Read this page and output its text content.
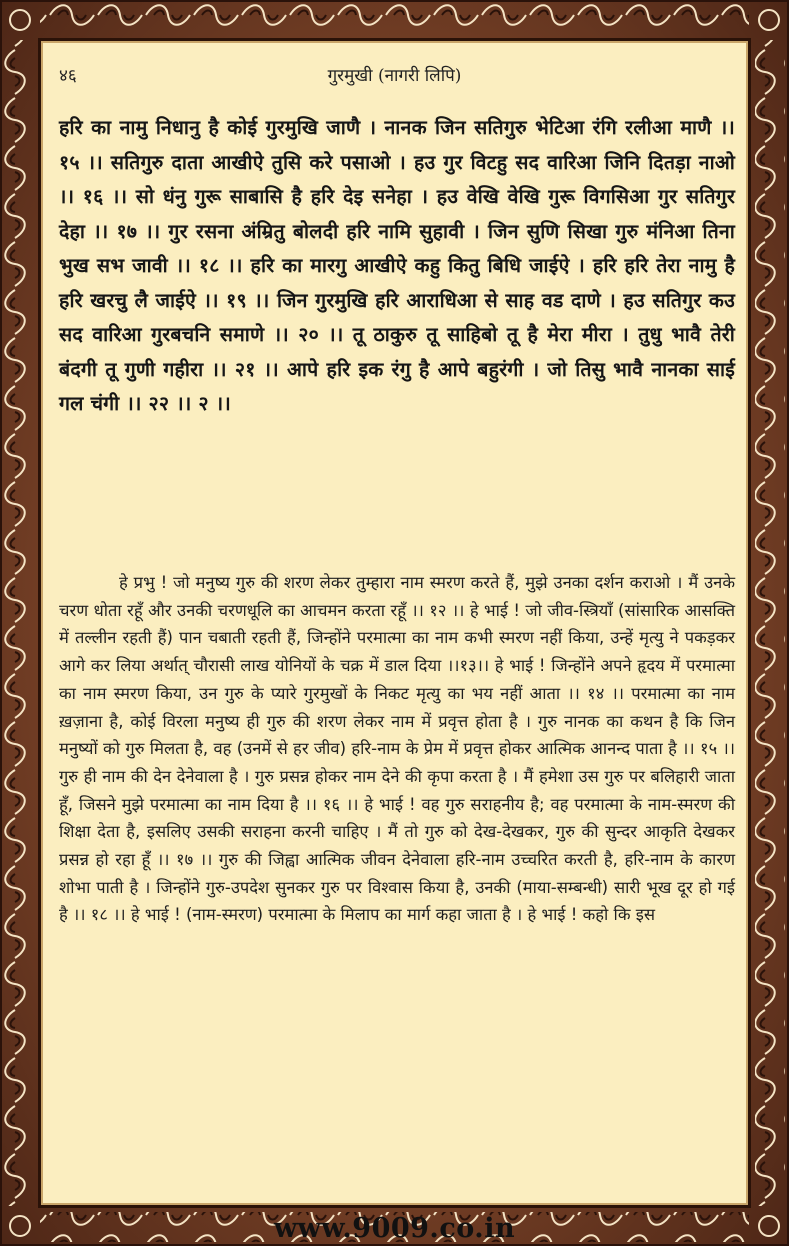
गुरमुखी (नागरी लिपि)
४६
हरि का नामु निधानु है कोई गुरमुखि जाणै । नानक जिन सतिगुरु भेटिआ रंगि रलीआ माणै ।। १५ ।। सतिगुरु दाता आखीऐ तुसि करे पसाओ । हउ गुर विटहु सद वारिआ जिनि दितड़ा नाओ ।। १६ ।। सो धंनु गुरू साबासि है हरि देइ सनेहा । हउ वेखि वेखि गुरू विगसिआ गुर सतिगुर देहा ।। १७ ।। गुर रसना अंम्रितु बोलदी हरि नामि सुहावी । जिन सुणि सिखा गुरु मंनिआ तिना भुख सभ जावी ।। १८ ।। हरि का मारगु आखीऐ कहु कितु बिधि जाईऐ । हरि हरि तेरा नामु है हरि खरचु लै जाईऐ ।। १९ ।। जिन गुरमुखि हरि आराधिआ से साह वड दाणे । हउ सतिगुर कउ सद वारिआ गुरबचनि समाणे ।। २० ।। तू ठाकुरु तू साहिबो तू है मेरा मीरा । तुधु भावै तेरी बंदगी तू गुणी गहीरा ।। २१ ।। आपे हरि इक रंगु है आपे बहुरंगी । जो तिसु भावै नानका साई गल चंगी ।। २२ ।। २ ।।
हे प्रभु ! जो मनुष्य गुरु की शरण लेकर तुम्हारा नाम स्मरण करते हैं, मुझे उनका दर्शन कराओ । मैं उनके चरण धोता रहूँ और उनकी चरणधूलि का आचमन करता रहूँ ।। १२ ।। हे भाई ! जो जीव-स्त्रियाँ (सांसारिक आसक्ति में तल्लीन रहती हैं) पान चबाती रहती हैं, जिन्होंने परमात्मा का नाम कभी स्मरण नहीं किया, उन्हें मृत्यु ने पकड़कर आगे कर लिया अर्थात् चौरासी लाख योनियों के चक्र में डाल दिया ।।१३।। हे भाई ! जिन्होंने अपने हृदय में परमात्मा का नाम स्मरण किया, उन गुरु के प्यारे गुरमुखों के निकट मृत्यु का भय नहीं आता ।। १४ ।। परमात्मा का नाम ख़ज़ाना है, कोई विरला मनुष्य ही गुरु की शरण लेकर नाम में प्रवृत्त होता है । गुरु नानक का कथन है कि जिन मनुष्यों को गुरु मिलता है, वह (उनमें से हर जीव) हरि-नाम के प्रेम में प्रवृत्त होकर आत्मिक आनन्द पाता है ।। १५ ।। गुरु ही नाम की देन देनेवाला है । गुरु प्रसन्न होकर नाम देने की कृपा करता है । मैं हमेशा उस गुरु पर बलिहारी जाता हूँ, जिसने मुझे परमात्मा का नाम दिया है ।। १६ ।। हे भाई ! वह गुरु सराहनीय है; वह परमात्मा के नाम-स्मरण की शिक्षा देता है, इसलिए उसकी सराहना करनी चाहिए । मैं तो गुरु को देख-देखकर, गुरु की सुन्दर आकृति देखकर प्रसन्न हो रहा हूँ ।। १७ ।। गुरु की जिह्वा आत्मिक जीवन देनेवाला हरि-नाम उच्चरित करती है, हरि-नाम के कारण शोभा पाती है । जिन्होंने गुरु-उपदेश सुनकर गुरु पर विश्वास किया है, उनकी (माया-सम्बन्धी) सारी भूख दूर हो गई है ।। १८ ।। हे भाई ! (नाम-स्मरण) परमात्मा के मिलाप का मार्ग कहा जाता है । हे भाई ! कहो कि इस
www.9009.co.in
